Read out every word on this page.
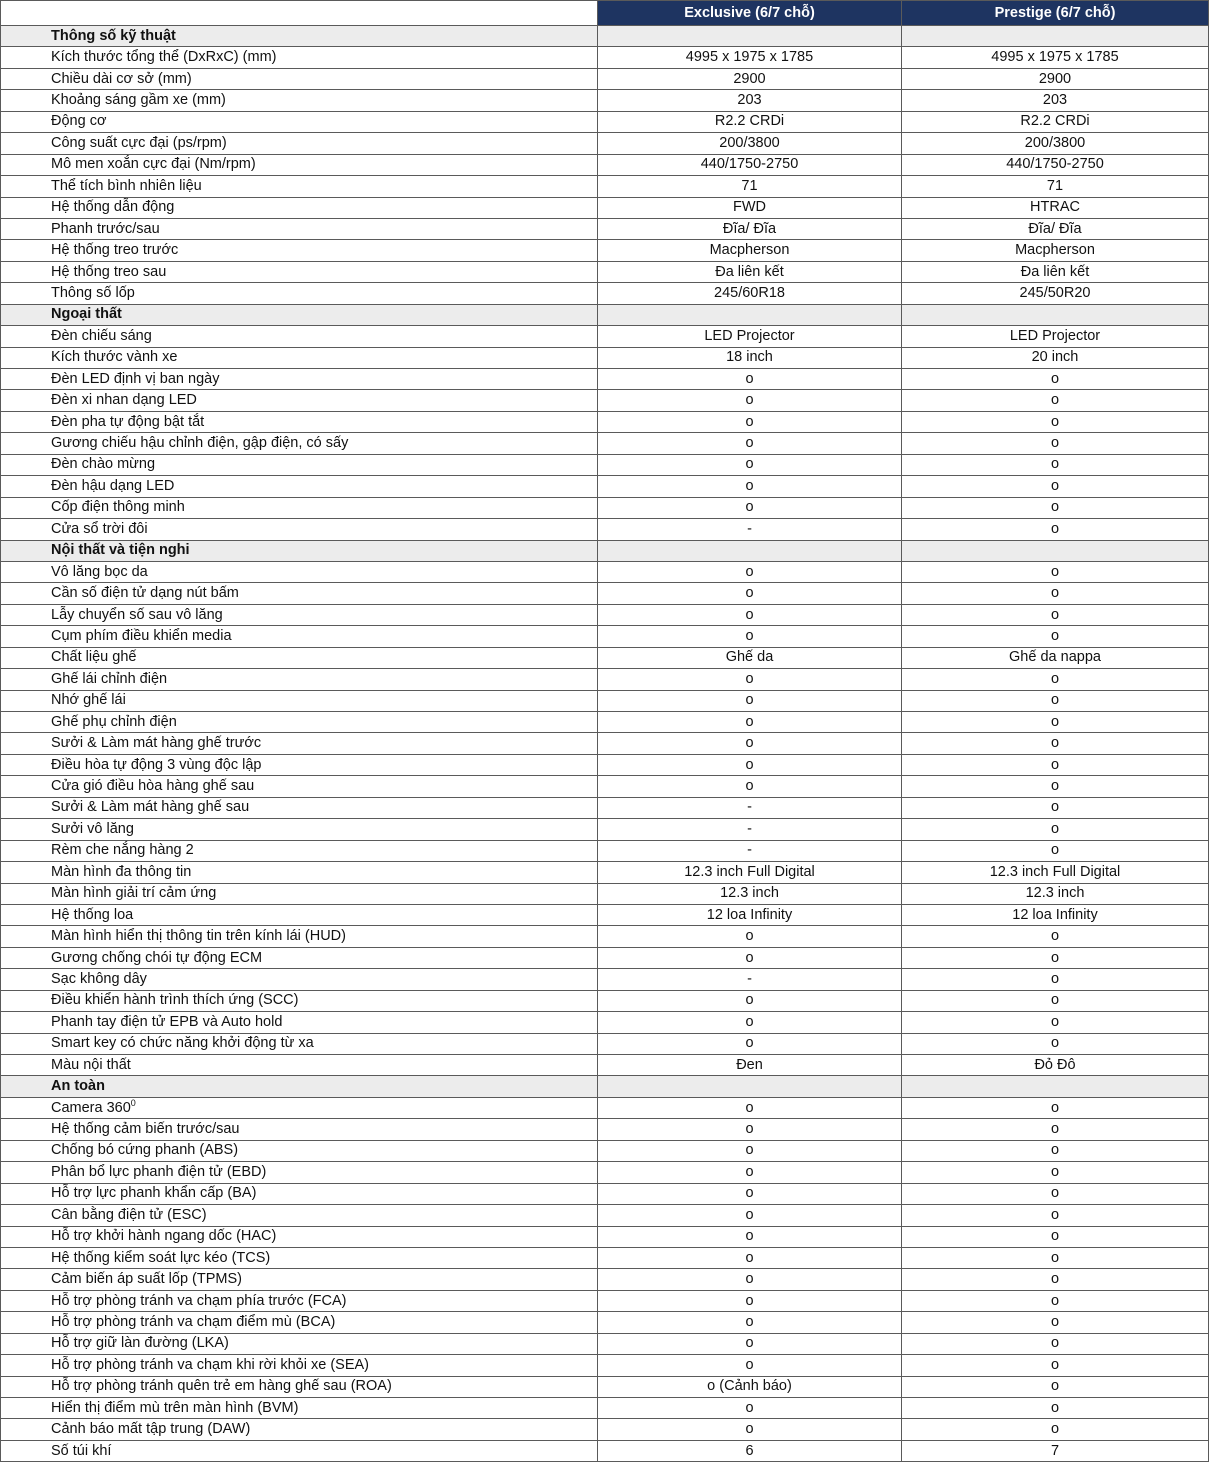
	Exclusive (6/7 chỗ)	Prestige (6/7 chỗ)
Thông số kỹ thuật		
Kích thước tổng thể (DxRxC) (mm)	4995 x 1975 x 1785	4995 x 1975 x 1785
Chiều dài cơ sở (mm)	2900	2900
Khoảng sáng gầm xe (mm)	203	203
Động cơ	R2.2 CRDi	R2.2 CRDi
Công suất cực đại (ps/rpm)	200/3800	200/3800
Mô men xoắn cực đại (Nm/rpm)	440/1750-2750	440/1750-2750
Thể tích bình nhiên liệu	71	71
Hệ thống dẫn động	FWD	HTRAC
Phanh trước/sau	Đĩa/ Đĩa	Đĩa/ Đĩa
Hệ thống treo trước	Macpherson	Macpherson
Hệ thống treo sau	Đa liên kết	Đa liên kết
Thông số lốp	245/60R18	245/50R20
Ngoại thất		
Đèn chiếu sáng	LED Projector	LED Projector
Kích thước vành xe	18 inch	20 inch
Đèn LED định vị ban ngày	o	o
Đèn xi nhan dạng LED	o	o
Đèn pha tự động bật tắt	o	o
Gương chiếu hậu chỉnh điện, gập điện, có sấy	o	o
Đèn chào mừng	o	o
Đèn hậu dạng LED	o	o
Cốp điện thông minh	o	o
Cửa sổ trời đôi	-	o
Nội thất và tiện nghi		
Vô lăng bọc da	o	o
Cần số điện tử dạng nút bấm	o	o
Lẫy chuyển số sau vô lăng	o	o
Cụm phím điều khiển media	o	o
Chất liệu ghế	Ghế da	Ghế da nappa
Ghế lái chỉnh điện	o	o
Nhớ ghế lái	o	o
Ghế phụ chỉnh điện	o	o
Sưởi & Làm mát hàng ghế trước	o	o
Điều hòa tự động 3 vùng độc lập	o	o
Cửa gió điều hòa hàng ghế sau	o	o
Sưởi & Làm mát hàng ghế sau	-	o
Sưởi vô lăng	-	o
Rèm che nắng hàng 2	-	o
Màn hình đa thông tin	12.3 inch Full Digital	12.3 inch Full Digital
Màn hình giải trí cảm ứng	12.3 inch	12.3 inch
Hệ thống loa	12 loa Infinity	12 loa Infinity
Màn hình hiển thị thông tin trên kính lái (HUD)	o	o
Gương chống chói tự động ECM	o	o
Sạc không dây	-	o
Điều khiển hành trình thích ứng (SCC)	o	o
Phanh tay điện tử EPB và Auto hold	o	o
Smart key có chức năng khởi động từ xa	o	o
Màu nội thất	Đen	Đỏ Đô
An toàn		
Camera $360^0$	o	o
Hệ thống cảm biến trước/sau	o	o
Chống bó cứng phanh (ABS)	o	o
Phân bổ lực phanh điện tử (EBD)	o	o
Hỗ trợ lực phanh khẩn cấp (BA)	o	o
Cân bằng điện tử (ESC)	o	o
Hỗ trợ khởi hành ngang dốc (HAC)	o	o
Hệ thống kiểm soát lực kéo (TCS)	o	o
Cảm biến áp suất lốp (TPMS)	o	o
Hỗ trợ phòng tránh va chạm phía trước (FCA)	o	o
Hỗ trợ phòng tránh va chạm điểm mù (BCA)	o	o
Hỗ trợ giữ làn đường (LKA)	o	o
Hỗ trợ phòng tránh va chạm khi rời khỏi xe (SEA)	o	o
Hỗ trợ phòng tránh quên trẻ em hàng ghế sau (ROA)	o (Cảnh báo)	o
Hiển thị điểm mù trên màn hình (BVM)	o	o
Cảnh báo mất tập trung (DAW)	o	o
Số túi khí	6	7
